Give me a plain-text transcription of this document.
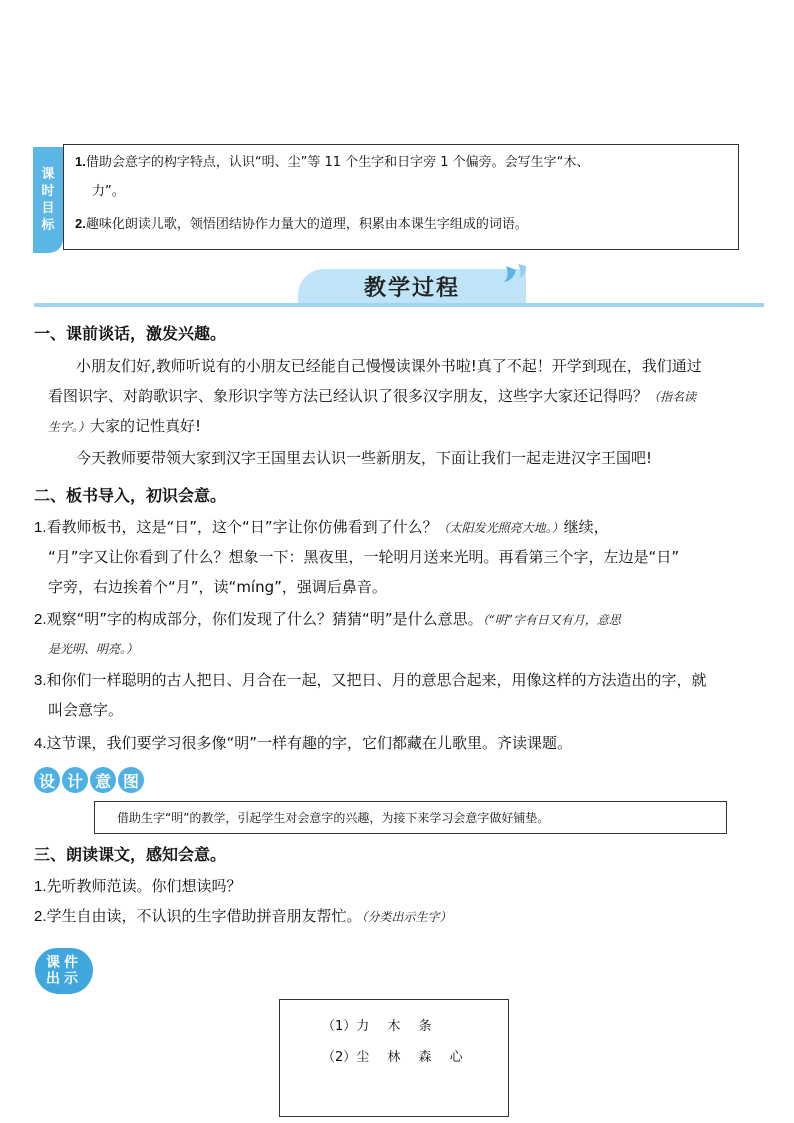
课
时
目
标
1.借助会意字的构字特点，认识“明、尘”等 11 个生字和日字旁 1 个偏旁。会写生字“木、
力”。
2.趣味化朗读儿歌，领悟团结协作力量大的道理，积累由本课生字组成的词语。
教学过程
一、课前谈话，激发兴趣。
小朋友们好,教师听说有的小朋友已经能自己慢慢读课外书啦!真了不起！开学到现在，我们通过
看图识字、对韵歌识字、象形识字等方法已经认识了很多汉字朋友，这些字大家还记得吗？（指名读
生字。）大家的记性真好!
今天教师要带领大家到汉字王国里去认识一些新朋友，下面让我们一起走进汉字王国吧!
二、板书导入，初识会意。
1.看教师板书，这是“日”，这个“日”字让你仿佛看到了什么？（太阳发光照亮大地。）继续，
“月”字又让你看到了什么？想象一下：黑夜里，一轮明月送来光明。再看第三个字，左边是“日”
字旁，右边挨着个“月”，读“míng”，强调后鼻音。
2.观察“明”字的构成部分，你们发现了什么？猜猜“明”是什么意思。（“明”字有日又有月，意思
是光明、明亮。）
3.和你们一样聪明的古人把日、月合在一起，又把日、月的意思合起来，用像这样的方法造出的字，就
叫会意字。
4.这节课，我们要学习很多像“明”一样有趣的字，它们都藏在儿歌里。齐读课题。
设 计 意 图
借助生字“明”的教学，引起学生对会意字的兴趣，为接下来学习会意字做好铺垫。
三、朗读课文，感知会意。
1.先听教师范读。你们想读吗？
2.学生自由读，不认识的生字借助拼音朋友帮忙。（分类出示生字）
课件
出示
（1）力 木 条
（2）尘 林 森 心
